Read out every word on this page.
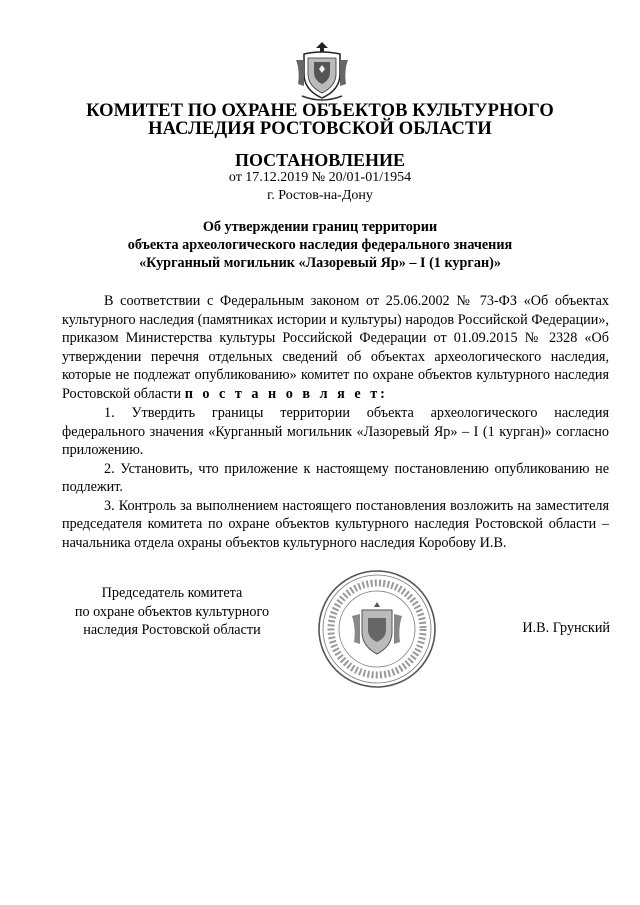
КОМИТЕТ ПО ОХРАНЕ ОБЪЕКТОВ КУЛЬТУРНОГО
НАСЛЕДИЯ РОСТОВСКОЙ ОБЛАСТИ
ПОСТАНОВЛЕНИЕ
от 17.12.2019 № 20/01-01/1954
г. Ростов-на-Дону
Об утверждении границ территории
объекта археологического наследия федерального значения
«Курганный могильник «Лазоревый Яр» – I (1 курган)»

В соответствии с Федеральным законом от 25.06.2002 № 73-ФЗ «Об объектах культурного наследия (памятниках истории и культуры) народов Российской Федерации», приказом Министерства культуры Российской Федерации от 01.09.2015 № 2328 «Об утверждении перечня отдельных сведений об объектах археологического наследия, которые не подлежат опубликованию» комитет по охране объектов культурного наследия Ростовской области п о с т а н о в л я е т:

1. Утвердить границы территории объекта археологического наследия федерального значения «Курганный могильник «Лазоревый Яр» – I (1 курган)» согласно приложению.

2. Установить, что приложение к настоящему постановлению опубликованию не подлежит.

3. Контроль за выполнением настоящего постановления возложить на заместителя председателя комитета по охране объектов культурного наследия Ростовской области – начальника отдела охраны объектов культурного наследия Коробову И.В.

Председатель комитета
по охране объектов культурного
наследия Ростовской области	И.В. Грунский
